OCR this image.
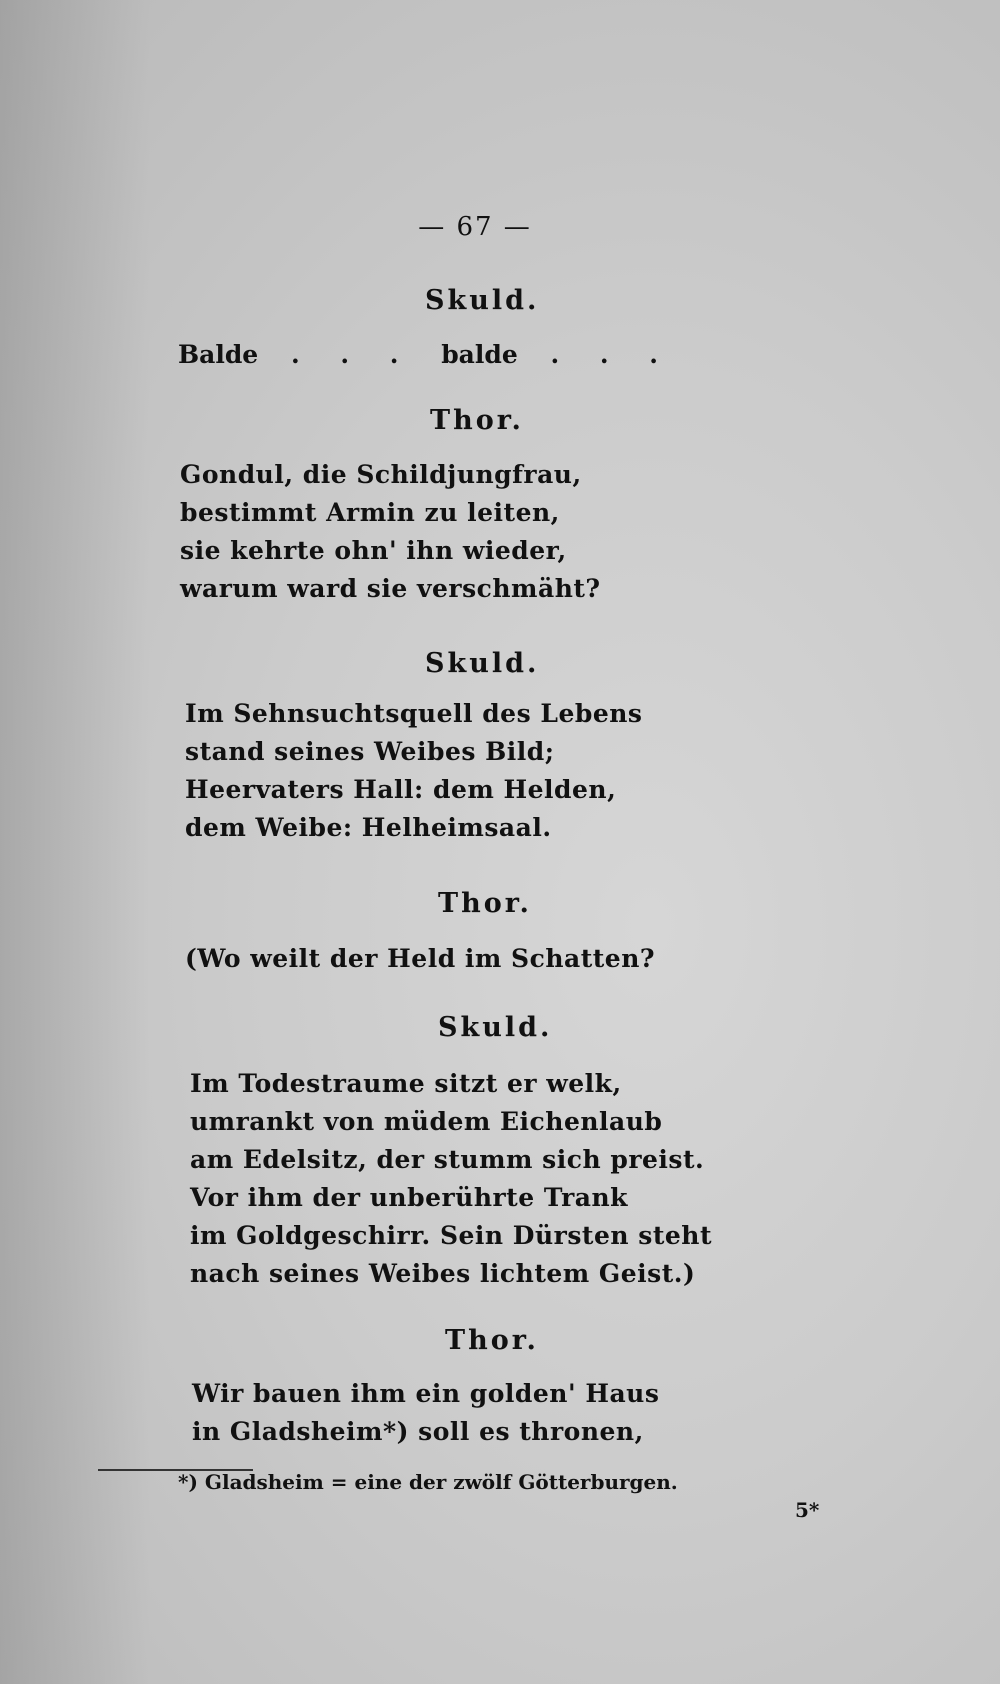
— 67 —
Skuld.
Balde . . . balde . . .
Thor.
Gondul, die Schildjungfrau,
bestimmt Armin zu leiten,
sie kehrte ohn' ihn wieder,
warum ward sie verschmäht?
Skuld.
Im Sehnsuchtsquell des Lebens
stand seines Weibes Bild;
Heervaters Hall: dem Helden,
dem Weibe: Helheimsaal.
Thor.
(Wo weilt der Held im Schatten?
Skuld.
Im Todestraume sitzt er welk,
umrankt von müdem Eichenlaub
am Edelsitz, der stumm sich preist.
Vor ihm der unberührte Trank
im Goldgeschirr. Sein Dürsten steht
nach seines Weibes lichtem Geist.)
Thor.
Wir bauen ihm ein golden' Haus
in Gladsheim*) soll es thronen,
*) Gladsheim = eine der zwölf Götterburgen.
5*
